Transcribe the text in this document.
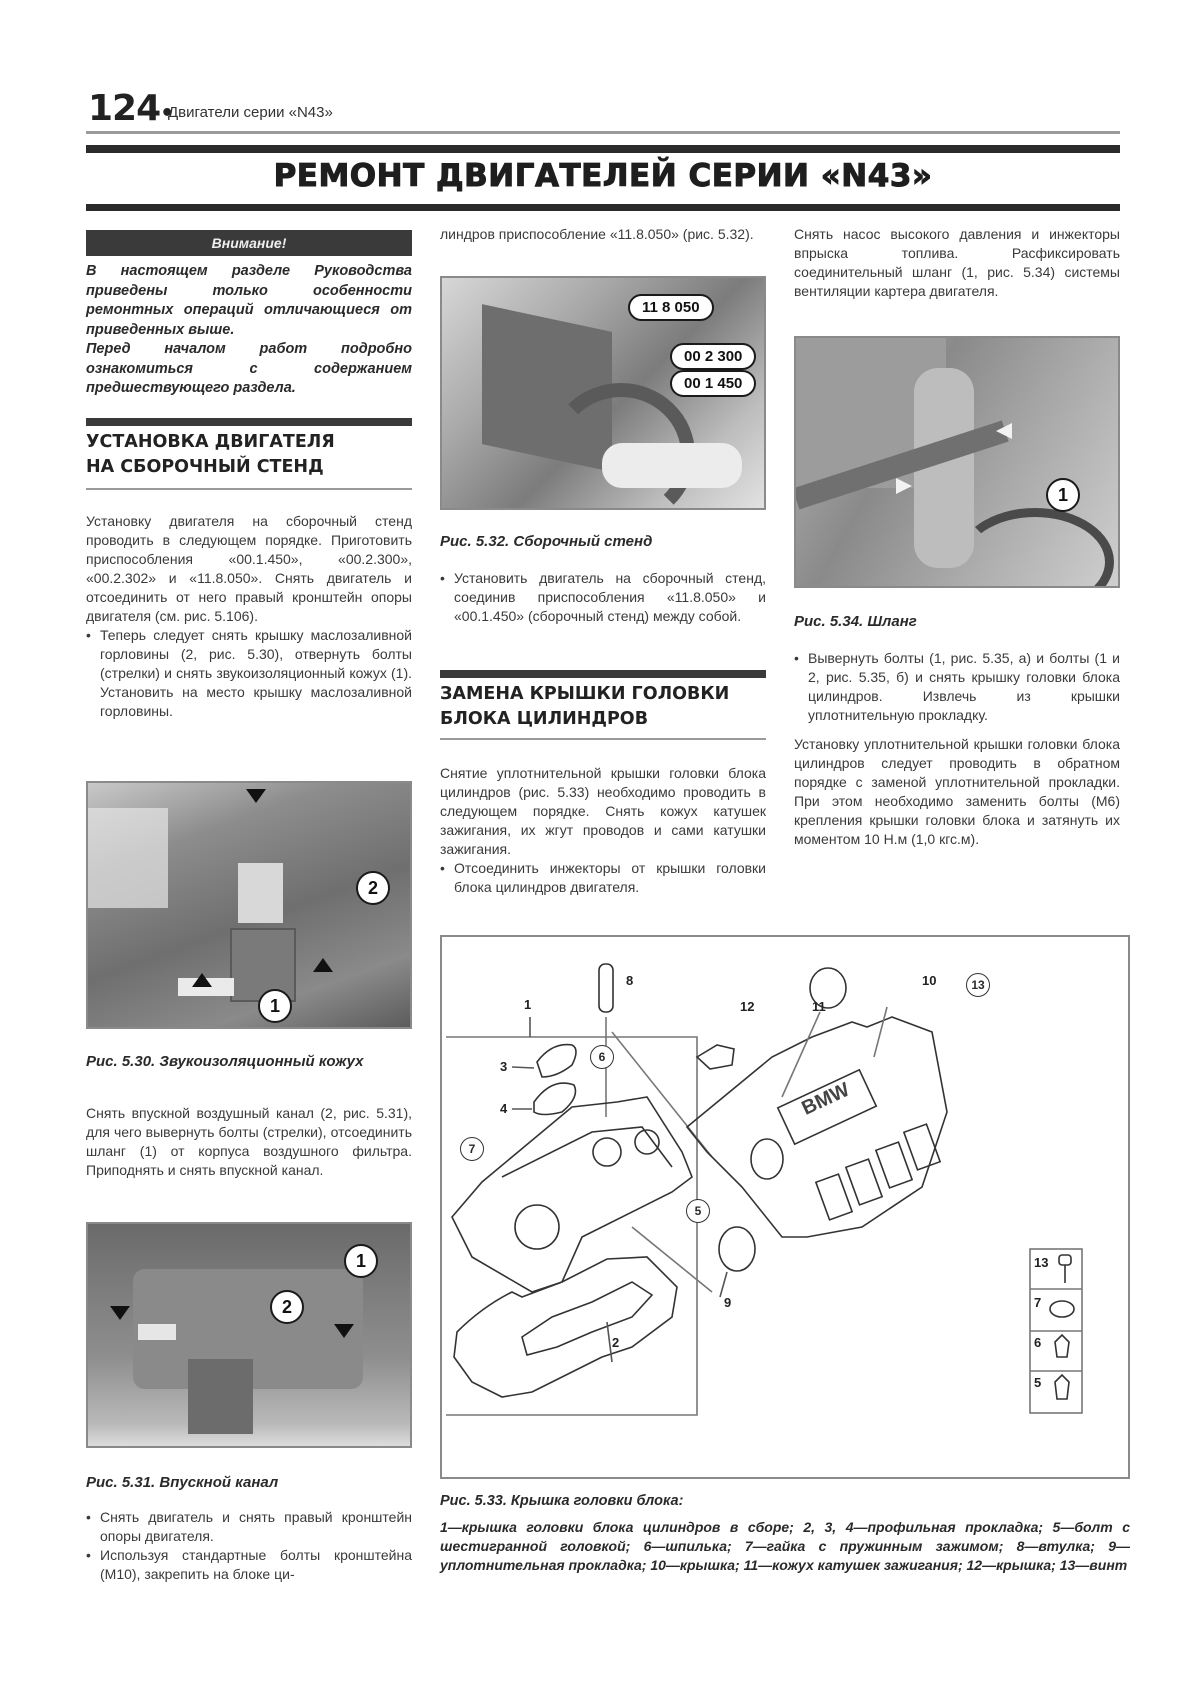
124•
Двигатели серии «N43»
РЕМОНТ ДВИГАТЕЛЕЙ СЕРИИ «N43»
Внимание!
В настоящем разделе Руководства приведены только особенности ремонтных операций отличающиеся от приведенных выше.
Перед началом работ подробно ознакомиться с содержанием предшествующего раздела.
УСТАНОВКА ДВИГАТЕЛЯ
НА СБОРОЧНЫЙ СТЕНД

Установку двигателя на сборочный стенд проводить в следующем порядке. Приготовить приспособления «00.1.450», «00.2.300», «00.2.302» и «11.8.050». Снять двигатель и отсоединить от него правый кронштейн опоры двигателя (см. рис. 5.106).

• Теперь следует снять крышку маслозаливной горловины (2, рис. 5.30), отвернуть болты (стрелки) и снять звукоизоляционный кожух (1). Установить на место крышку маслозаливной горловины.

1
2
Рис. 5.30. Звукоизоляционный кожух

Снять впускной воздушный канал (2, рис. 5.31), для чего вывернуть болты (стрелки), отсоединить шланг (1) от корпуса воздушного фильтра. Приподнять и снять впускной канал.

1
2
Рис. 5.31. Впускной канал

• Снять двигатель и снять правый кронштейн опоры двигателя.

• Используя стандартные болты кронштейна (M10), закрепить на блоке ци-

линдров приспособление «11.8.050» (рис. 5.32).
11 8 050
00 2 300
00 1 450
Рис. 5.32. Сборочный стенд

• Установить двигатель на сборочный стенд, соединив приспособления «11.8.050» и «00.1.450» (сборочный стенд) между собой.

ЗАМЕНА КРЫШКИ ГОЛОВКИ
БЛОКА ЦИЛИНДРОВ

Снятие уплотнительной крышки головки блока цилиндров (рис. 5.33) необходимо проводить в следующем порядке. Снять кожух катушек зажигания, их жгут проводов и сами катушки зажигания.

• Отсоединить инжекторы от крышки головки блока цилиндров двигателя.

Снять насос высокого давления и инжекторы впрыска топлива. Расфиксировать соединительный шланг (1, рис. 5.34) системы вентиляции картера двигателя.
1
Рис. 5.34. Шланг

• Вывернуть болты (1, рис. 5.35, а) и болты (1 и 2, рис. 5.35, б) и снять крышку головки блока цилиндров. Извлечь из крышки уплотнительную прокладку.

Установку уплотнительной крышки головки блока цилиндров следует проводить в обратном порядке с заменой уплотнительной прокладки. При этом необходимо заменить болты (M6) крепления крышки головки блока и затянуть их моментом 10 Н.м (1,0 кгс.м).

BMW
1
2
3
4
5
6
7
8
9
10
11
12
13
13
7
6
5
Рис. 5.33. Крышка головки блока:
1—крышка головки блока цилиндров в сборе; 2, 3, 4—профильная прокладка; 5—болт с шестигранной головкой; 6—шпилька; 7—гайка с пружинным зажимом; 8—втулка; 9—уплотнительная прокладка; 10—крышка; 11—кожух катушек зажигания; 12—крышка; 13—винт
